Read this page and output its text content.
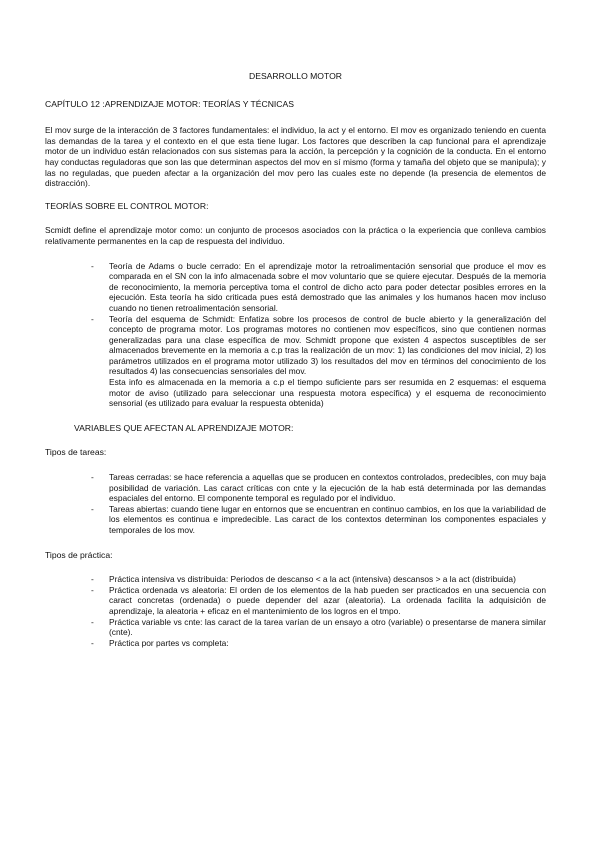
DESARROLLO MOTOR

CAPÍTULO 12 :APRENDIZAJE MOTOR: TEORÍAS Y TÉCNICAS

El mov surge de la interacción de 3 factores fundamentales: el individuo, la act y el entorno. El mov es organizado teniendo en cuenta las demandas de la tarea y el contexto en el que esta tiene lugar. Los factores que describen la cap funcional para el aprendizaje motor de un individuo están relacionados con sus sistemas para la acción, la percepción y la cognición de la conducta. En el entorno hay conductas reguladoras que son las que determinan aspectos del mov en sí mismo (forma y tamaña del objeto que se manipula); y las no reguladas, que pueden afectar a la organización del mov pero las cuales este no depende (la presencia de elementos de distracción).

TEORÍAS SOBRE EL CONTROL MOTOR:

Scmidt define el aprendizaje motor como: un conjunto de procesos asociados con la práctica o la experiencia que conlleva cambios relativamente permanentes en la cap de respuesta del individuo.

- Teoría de Adams o bucle cerrado: En el aprendizaje motor la retroalimentación sensorial que produce el mov es comparada en el SN con la info almacenada sobre el mov voluntario que se quiere ejecutar. Después de la memoria de reconocimiento, la memoria perceptiva toma el control de dicho acto para poder detectar posibles errores en la ejecución. Esta teoría ha sido criticada pues está demostrado que las animales y los humanos hacen mov incluso cuando no tienen retroalimentación sensorial.
- Teoría del esquema de Schmidt: Enfatiza sobre los procesos de control de bucle abierto y la generalización del concepto de programa motor. Los programas motores no contienen mov específicos, sino que contienen normas generalizadas para una clase específica de mov. Schmidt propone que existen 4 aspectos susceptibles de ser almacenados brevemente en la memoria a c.p tras la realización de un mov: 1) las condiciones del mov inicial, 2) los parámetros utilizados en el programa motor utilizado 3) los resultados del mov en términos del conocimiento de los resultados 4) las consecuencias sensoriales del mov.

Esta info es almacenada en la memoria a c.p el tiempo suficiente pars ser resumida en 2 esquemas: el esquema motor de aviso (utilizado para seleccionar una respuesta motora específica) y el esquema de reconocimiento sensorial (es utilizado para evaluar la respuesta obtenida)

VARIABLES QUE AFECTAN AL APRENDIZAJE MOTOR:

Tipos de tareas:

- Tareas cerradas: se hace referencia a aquellas que se producen en contextos controlados, predecibles, con muy baja posibilidad de variación. Las caract críticas con cnte y la ejecución de la hab está determinada por las demandas espaciales del entorno. El componente temporal es regulado por el individuo.
- Tareas abiertas: cuando tiene lugar en entornos que se encuentran en continuo cambios, en los que la variabilidad de los elementos es continua e impredecible. Las caract de los contextos determinan los componentes espaciales y temporales de los mov.

Tipos de práctica:

- Práctica intensiva vs distribuida: Periodos de descanso < a la act (intensiva) descansos > a la act (distribuida)
- Práctica ordenada vs aleatoria: El orden de los elementos de la hab pueden ser practicados en una secuencia con caract concretas (ordenada) o puede depender del azar (aleatoria). La ordenada facilita la adquisición de aprendizaje, la aleatoria + eficaz en el mantenimiento de los logros en el tmpo.
- Práctica variable vs cnte: las caract de la tarea varían de un ensayo a otro (variable) o presentarse de manera similar (cnte).
- Práctica por partes vs completa:
